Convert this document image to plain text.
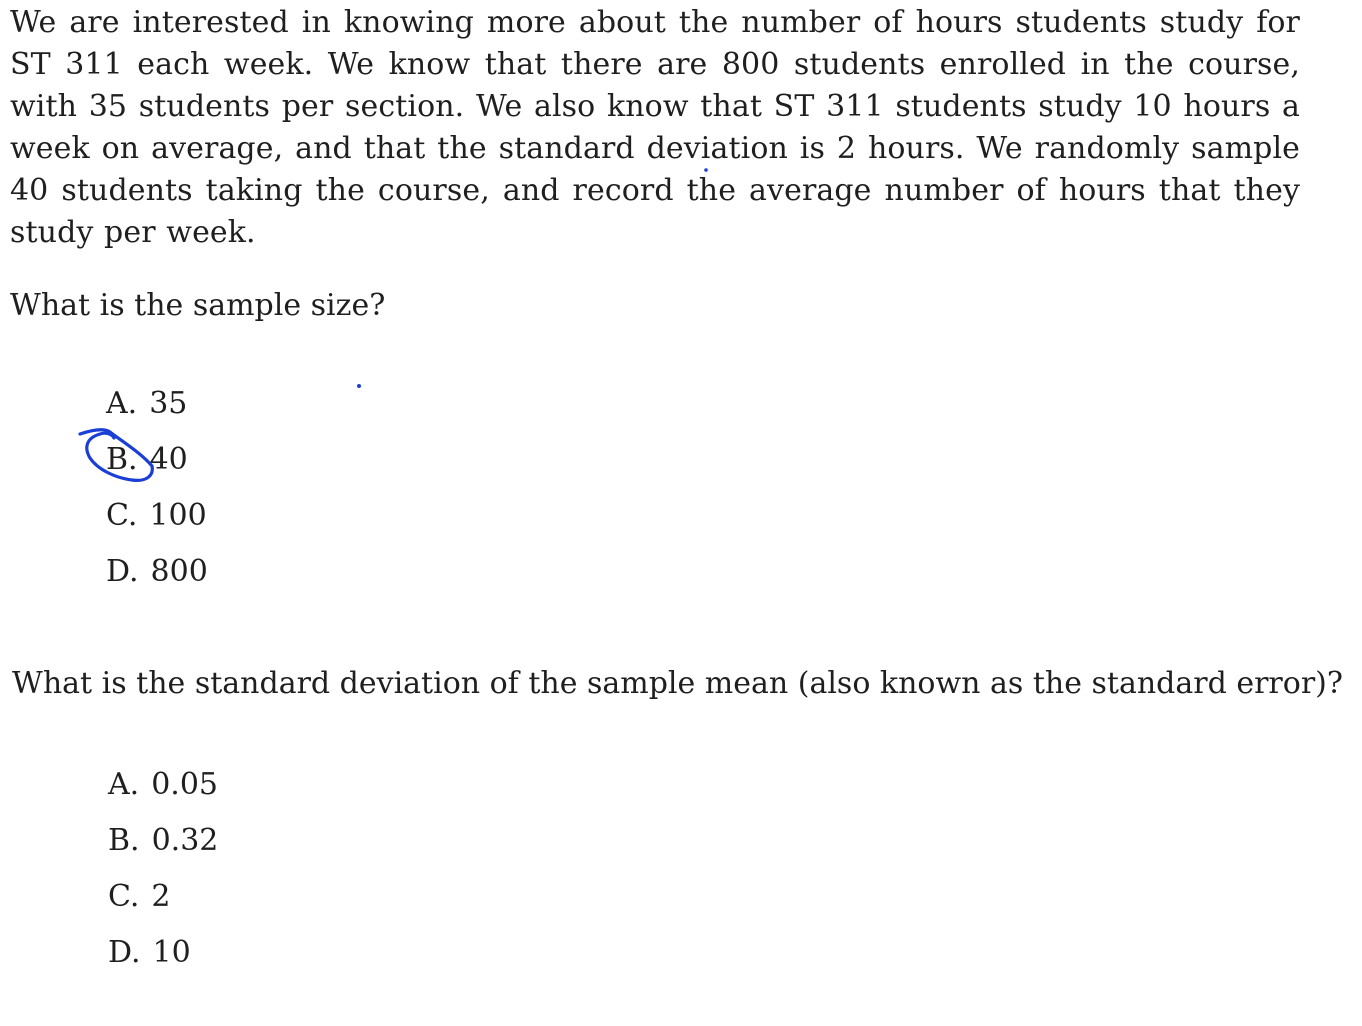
We are interested in knowing more about the number of hours students study for ST 311 each week. We know that there are 800 students enrolled in the course, with 35 students per section. We also know that ST 311 students study 10 hours a week on average, and that the standard deviation is 2 hours. We randomly sample 40 students taking the course, and record the average number of hours that they study per week.

What is the sample size?

A. 35
B. 40
C. 100
D. 800

What is the standard deviation of the sample mean (also known as the standard error)?

A. 0.05
B. 0.32
C. 2
D. 10
